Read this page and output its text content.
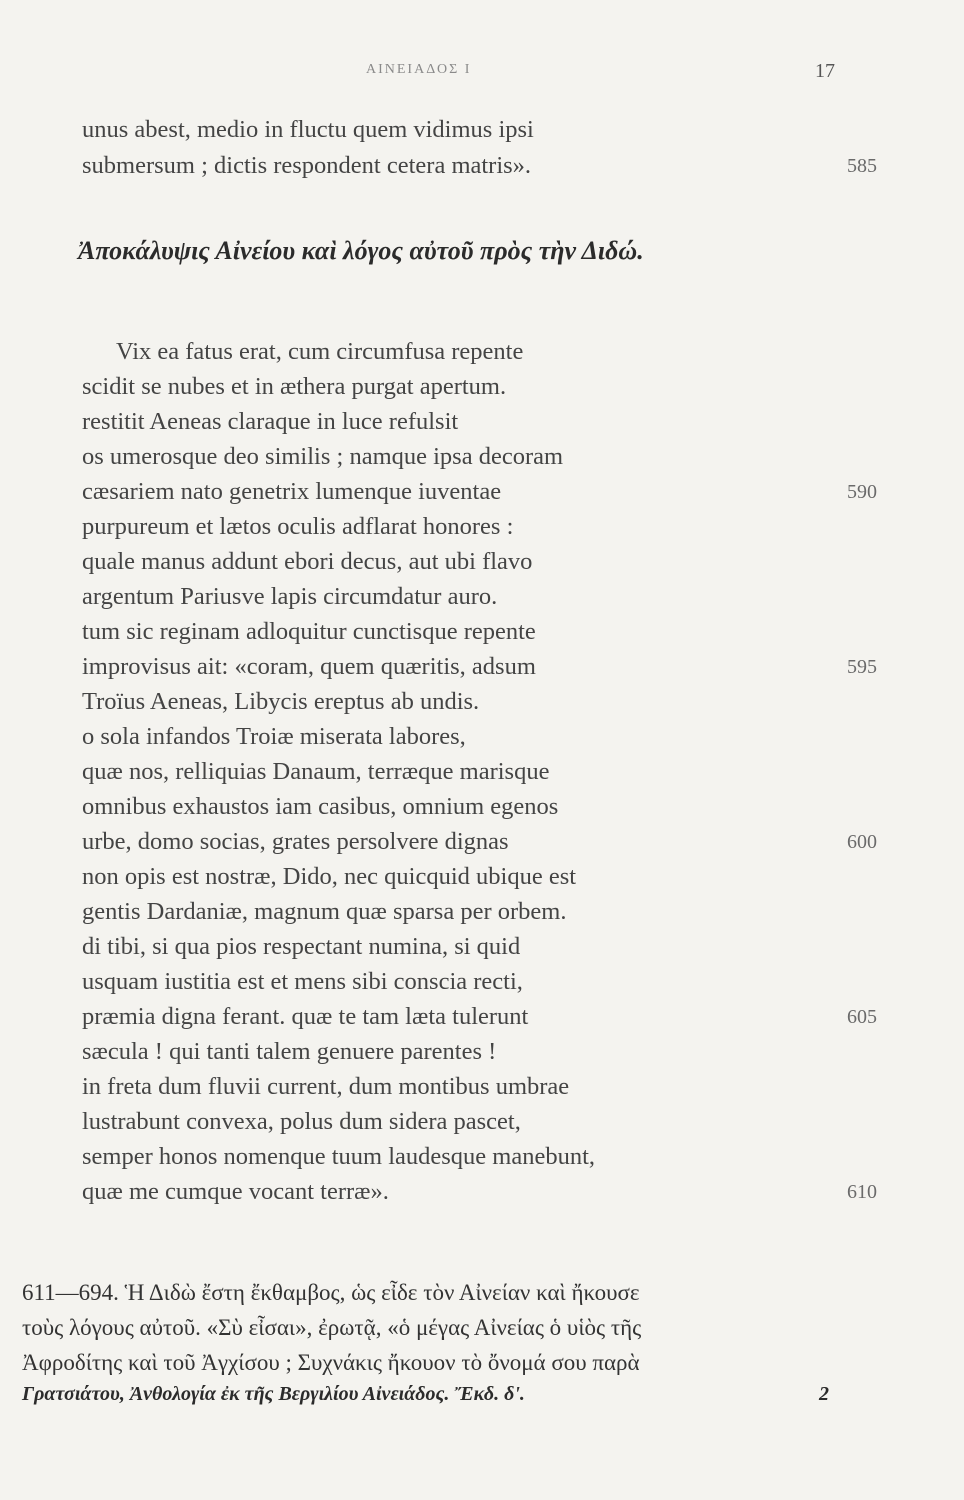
ΑΙΝΕΙΑΔΟΣ Ι	17
unus abest, medio in fluctu quem vidimus ipsi
submersum ; dictis respondent cetera matris».	585
Ἀποκάλυψις Αἰνείου καὶ λόγος αὐτοῦ πρὸς τὴν Διδώ.
Vix ea fatus erat, cum circumfusa repente
scidit se nubes et in æthera purgat apertum.
restitit Aeneas claraque in luce refulsit
os umerosque deo similis ; namque ipsa decoram
cæsariem nato genetrix lumenque iuventae	590
purpureum et lætos oculis adflarat honores :
quale manus addunt ebori decus, aut ubi flavo
argentum Pariusve lapis circumdatur auro.
tum sic reginam adloquitur cunctisque repente
improvisus ait: «coram, quem quæritis, adsum	595
Troïus Aeneas, Libycis ereptus ab undis.
o sola infandos Troiæ miserata labores,
quæ nos, relliquias Danaum, terræque marisque
omnibus exhaustos iam casibus, omnium egenos
urbe, domo socias, grates persolvere dignas	600
non opis est nostræ, Dido, nec quicquid ubique est
gentis Dardaniæ, magnum quæ sparsa per orbem.
di tibi, si qua pios respectant numina, si quid
usquam iustitia est et mens sibi conscia recti,
præmia digna ferant. quæ te tam læta tulerunt	605
sæcula ! qui tanti talem genuere parentes !
in freta dum fluvii current, dum montibus umbrae
lustrabunt convexa, polus dum sidera pascet,
semper honos nomenque tuum laudesque manebunt,
quæ me cumque vocant terræ».	610
611—694. Ἡ Διδὼ ἔστη ἔκθαμβος, ὡς εἶδε τὸν Αἰνείαν καὶ ἤκουσε
τοὺς λόγους αὐτοῦ. «Σὺ εἶσαι», ἐρωτᾷ, «ὁ μέγας Αἰνείας ὁ υἱὸς τῆς
Ἀφροδίτης καὶ τοῦ Ἀγχίσου ; Συχνάκις ἤκουον τὸ ὄνομά σου παρὰ
Γρατσιάτου, Ἀνθολογία ἐκ τῆς Βεργιλίου Αἰνειάδος. Ἔκδ. δ'.	2
